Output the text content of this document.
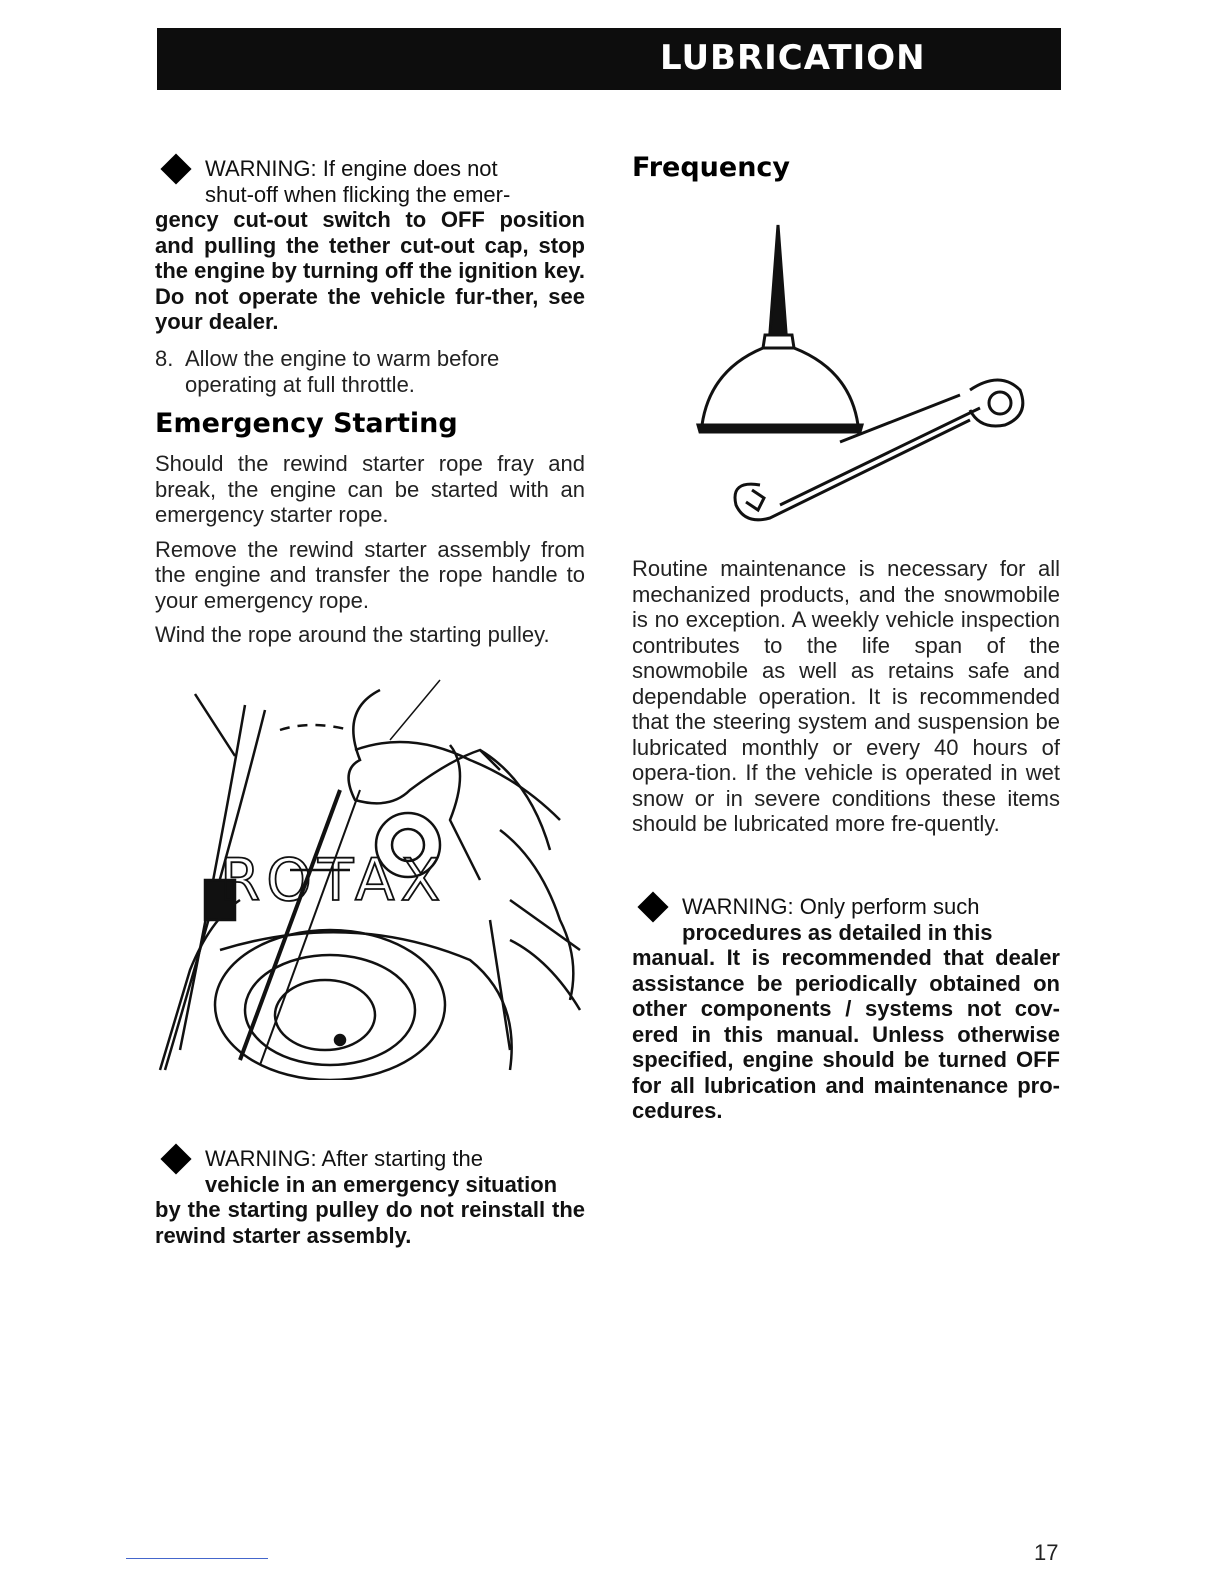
LUBRICATION
WARNING: If engine does not
shut-off when flicking the emer-
gency cut-out switch to OFF position and pulling the tether cut-out cap, stop the engine by turning off the ignition key. Do not operate the vehicle fur-ther, see your dealer.
8. Allow the engine to warm before
operating at full throttle.
Emergency Starting

Should the rewind starter rope fray and break, the engine can be started with an emergency starter rope.

Remove the rewind starter assembly from the engine and transfer the rope handle to your emergency rope.

Wind the rope around the starting pulley.

ROTAX
WARNING: After starting the
vehicle in an emergency situation
by the starting pulley do not reinstall the rewind starter assembly.
Frequency

Routine maintenance is necessary for all mechanized products, and the snowmobile is no exception. A weekly vehicle inspection contributes to the life span of the snowmobile as well as retains safe and dependable operation. It is recommended that the steering system and suspension be lubricated monthly or every 40 hours of opera-tion. If the vehicle is operated in wet snow or in severe conditions these items should be lubricated more fre-quently.

WARNING: Only perform such
procedures as detailed in this
manual. It is recommended that dealer assistance be periodically obtained on other components / systems not cov-ered in this manual. Unless otherwise specified, engine should be turned OFF for all lubrication and maintenance pro-cedures.
17
